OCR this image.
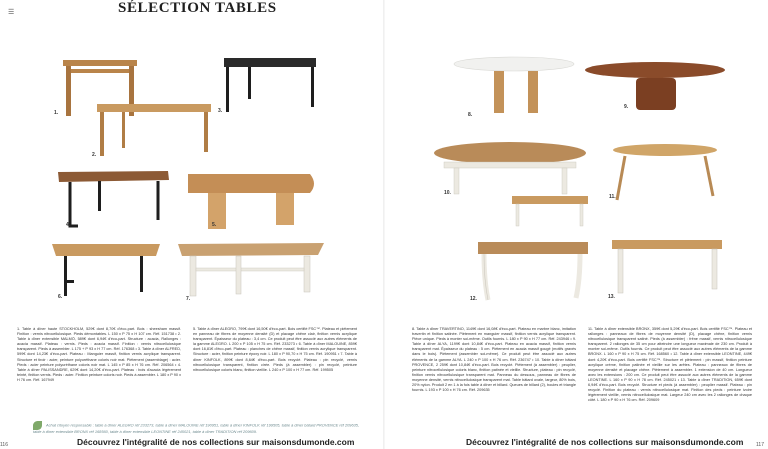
☰	SÉLECTION TABLES
1.
2.
3.
4.	5.
6.	7.
8.
9.
10.
11.
12.	13.
1. Table à dîner haute STOCKHOLM, 529€ dont 8,70€ d'éco-part. Bois : sheesham massif. Finition : vernis nitrocellulosique. Pieds démontables. L 150 x P 75 x H 107 cm. Réf. 151738 • 2. Table à dîner extensible MALMÖ, 589€ dont 6,94€ d'éco-part. Structure : acacia, Rallonges : acacia massif. Plateau : vernis. Pieds : acacia massif. Finition : vernis nitrocellulosique transparent. Pieds à assembler. L 175 + P 93 x H 77 cm. Réf. 176368 • 3. Table à dîner ALFRED, 599€ dont 14,23€ d'éco-part. Plateau : Manguier massif, finition vernis acrylique transparent. Structure et tiroir : acier, peinture polyuréthane coloris noir mat. Piètement (assemblage) : acier. Pieds : acier peinture polyuréthane coloris noir mat. L 145 x P 85 x H 76 cm. Réf. 206564 • 4. Table à dîner PALISSANDRE, 629€ dont 14,20€ d'éco-part. Plateau : bois d'acacia légèrement teinté, finition vernis. Pieds : acier. Finition peinture coloris noir. Pieds à assembler. L 180 x P 90 x H 76 cm. Réf. 167949
5. Table à dîner ALEGRO, 799€ dont 16,50€ d'éco-part. Bois certifié FSC™. Plateau et piètement en panneau de fibres de moyenne densité (D) et placage chêne clair, finition vernis acrylique transparent. Épaisseur du plateau : 3,4 cm. Ce produit peut être associé aux autres éléments de la gamme ALEGRO. L 200 x P 105 x H 75 cm. Réf. 233273 • 6. Table à dîner MALOUINE, 859€ dont 16,81€ d'éco-part. Plateau : planches de chêne massif, finition vernis acrylique transparent. Structure : acier, finition peinture époxy noir. L 180 x P 90,70 x H 75 cm. Réf. 190951 • 7. Table à dîner KINFOLK, 899€ dont 8,64€ d'éco-part. Bois recyclé. Plateau : pin recyclé, vernis nitrocellulosique transparent, finition cirée. Pieds (à assembler) : pin recyclé, peinture nitrocellulosique coloris blanc, finition vieillie. L 240 x P 100 x H 77 cm. Réf. 199505
8. Table à dîner TRAVERTINO, 1149€ dont 16,08€ d'éco-part. Plateau en marbre blanc, imitation travertin et finition satinée. Piètement en manguier massif, finition vernis acrylique transparent. Pièce unique. Pieds à monter soi-même. Outils fournis. L 180 x P 90 x H 77 cm. Réf. 243946 • 9. Table à dîner ALYA, 1199€ dont 10,84€ d'éco-part. Plateau en acacia massif, finition vernis transparent mat. Épaisseur du plateau : 5 cm. Piètement en acacia massif gougé (motifs gravés dans le bois). Piètement (assembler soi-même). Ce produit peut être associé aux autres éléments de la gamme ALYA. L 240 x P 100 x H 76 cm. Réf. 236747 • 10. Table à dîner bâtard PROVENCE, 2 259€ dont 10,84€ d'éco-part. Bois recyclé. Piètement (à assembler) : peuplier, peinture nitrocellulosique coloris blanc, finition patinée et vieillie. Structure, plateau : pin recyclé, finition vernis nitrocellulosique transparent mat. Panneau du dessous, panneau de fibres de moyenne densité, vernis nitrocellulosique transparent mat. Table bâtard ovale, largeur, 80% bois, 20% nylon. Produit 2 en 1 à la fois table à dîner et billard. Queues de billard (2), boules et triangle fournis. L 193 x P 100 x H 76 cm. Réf. 209635
11. Table à dîner extensible BRONX, 359€ dont 5,29€ d'éco-part. Bois certifié FSC™. Plateau et rallonges : panneaux de fibres de moyenne densité (D), placage chêne, finition vernis nitrocellulosique transparent satiné. Pieds (à assembler) : frêne massif, vernis nitrocellulosique transparent. 2 rallonges de 35 cm pour atteindre une longueur maximale de 230 cm. Produit à monter soi-même. Outils fournis. Ce produit peut être associé aux autres éléments de la gamme BRONX. L 160 x P 90 x H 75 cm. Réf. 168560 • 12. Table à dîner extensible LEONTINE, 449€ dont 4,20€ d'éco-part. Bois certifié FSC™. Structure et piètement : pin massif, finition peinture acrylique crème, finition patinée et vieillie sur les arêtes. Plateau : panneaux de fibres de moyenne densité et placage chêne. Piètement à assembler. 1 extension de 40 cm. Longueur avec les extensions : 200 cm. Ce produit peut être associé aux autres éléments de la gamme LEONTINE. L 160 x P 90 x H 78 cm. Réf. 245021 • 13. Table à dîner TRADITION, 659€ dont 6,94€ d'éco-part. Bois recyclé. Structure et pieds (à assembler) : peuplier massif. Plateau : pin recyclé. Finition du plateau : vernis nitrocellulosique mat. Finition des pieds : peinture ivoire légèrement vieillie, vernis nitrocellulosique mat. Largeur 240 cm avec les 2 rallonges de chaque côté. L 180 x P 90 x H 76 cm. Réf. 209609
Achat citoyen responsable : table à dîner ALEGRO réf 233273, table à dîner MALOUINE réf 190951, table à dîner KINFOLK réf 199505, table à dîner bâtard PROVENCE réf 209635, table à dîner extensible BRONX réf 168560, table à dîner extensible LEONTINE réf 245021, table à dîner TRADITION réf 209609.
Découvrez l'intégralité de nos collections sur maisonsdumonde.com	Découvrez l'intégralité de nos collections sur maisonsdumonde.com
116	117
